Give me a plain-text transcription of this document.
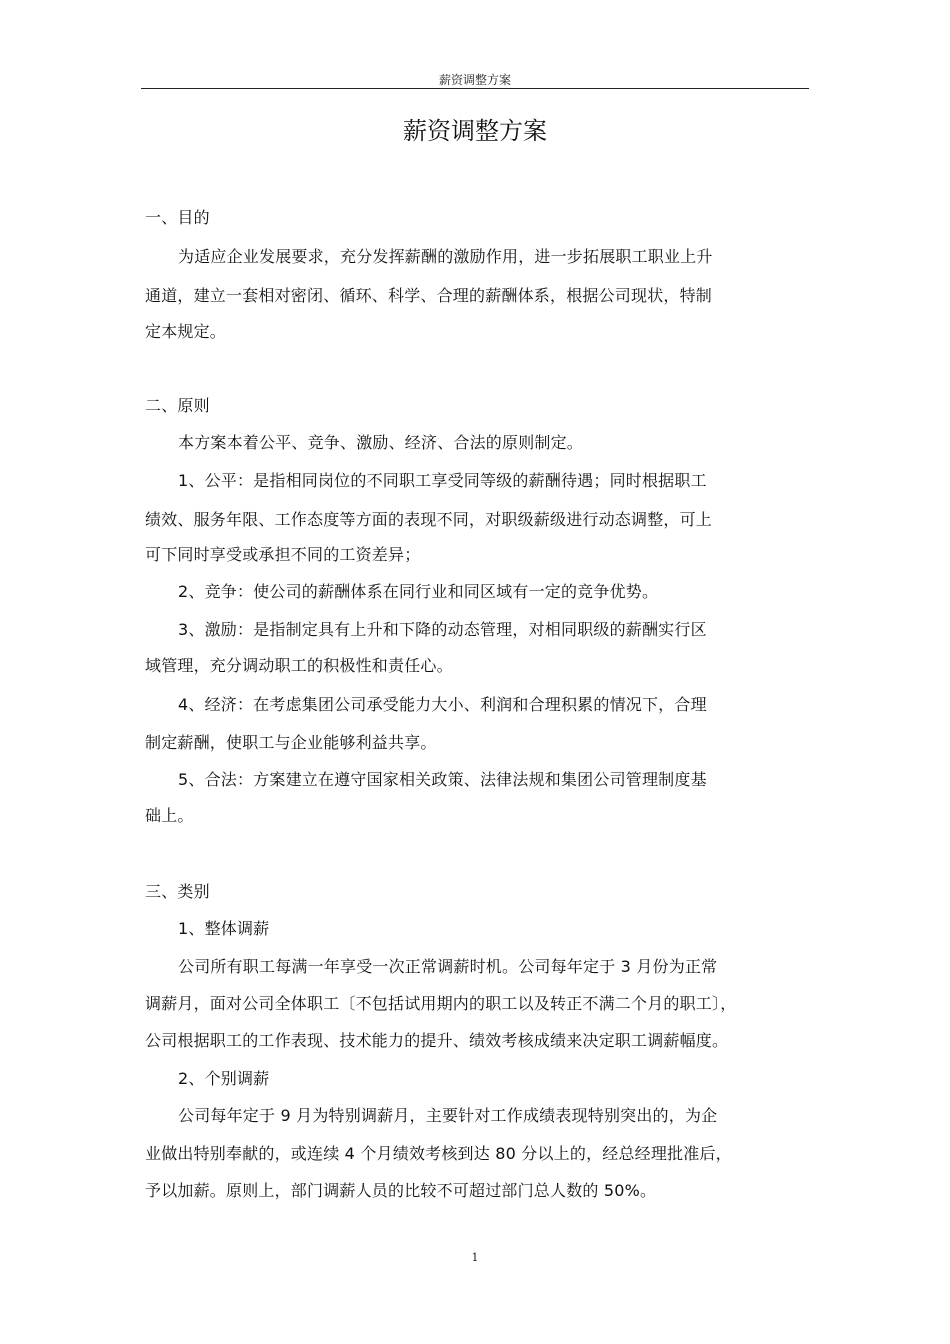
薪资调整方案
薪资调整方案
一、目的
为适应企业发展要求，充分发挥薪酬的激励作用，进一步拓展职工职业上升
通道，建立一套相对密闭、循环、科学、合理的薪酬体系，根据公司现状，特制
定本规定。
二、原则
本方案本着公平、竞争、激励、经济、合法的原则制定。
1、公平：是指相同岗位的不同职工享受同等级的薪酬待遇；同时根据职工
绩效、服务年限、工作态度等方面的表现不同，对职级薪级进行动态调整，可上
可下同时享受或承担不同的工资差异；
2、竞争：使公司的薪酬体系在同行业和同区域有一定的竞争优势。
3、激励：是指制定具有上升和下降的动态管理，对相同职级的薪酬实行区
域管理，充分调动职工的积极性和责任心。
4、经济：在考虑集团公司承受能力大小、利润和合理积累的情况下，合理
制定薪酬，使职工与企业能够利益共享。
5、合法：方案建立在遵守国家相关政策、法律法规和集团公司管理制度基
础上。
三、类别
1、整体调薪
公司所有职工每满一年享受一次正常调薪时机。公司每年定于 3 月份为正常
调薪月，面对公司全体职工〔不包括试用期内的职工以及转正不满二个月的职工〕，
公司根据职工的工作表现、技术能力的提升、绩效考核成绩来决定职工调薪幅度。
2、个别调薪
公司每年定于 9 月为特别调薪月，主要针对工作成绩表现特别突出的，为企
业做出特别奉献的，或连续 4 个月绩效考核到达 80 分以上的，经总经理批准后，
予以加薪。原则上，部门调薪人员的比较不可超过部门总人数的 50%。
1
